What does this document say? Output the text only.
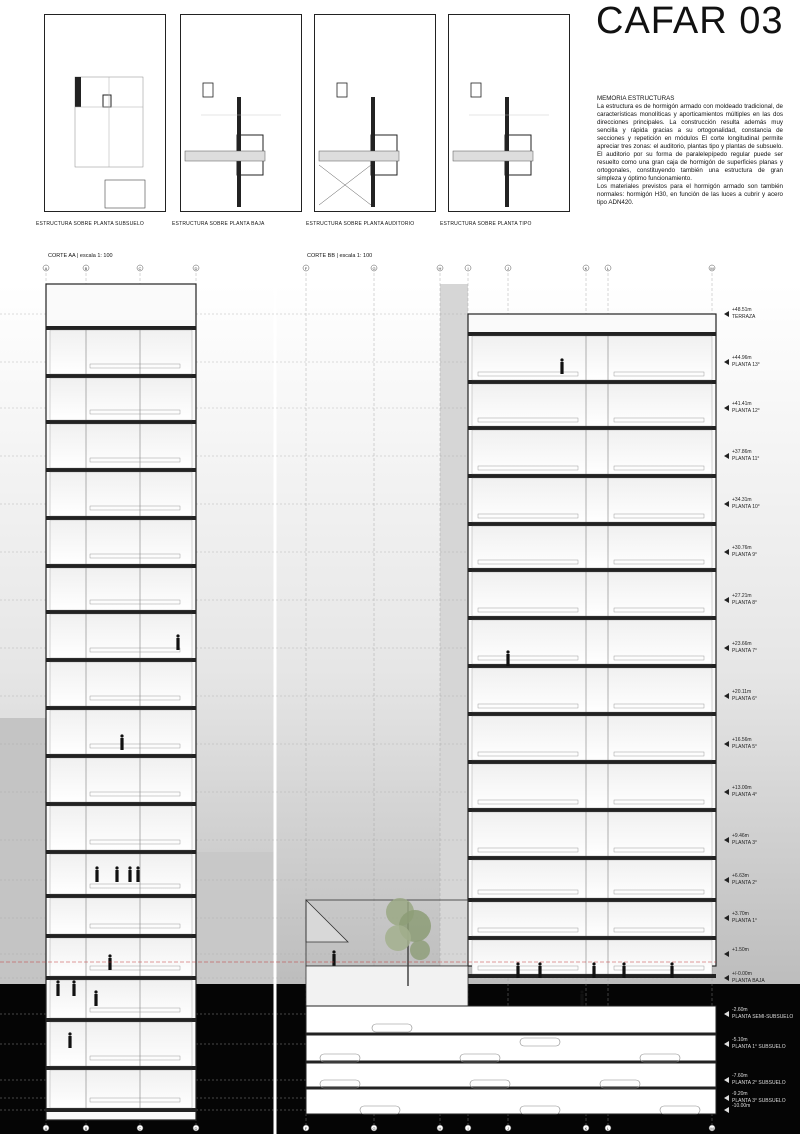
CAFAR 03
ESTRUCTURA SOBRE PLANTA SUBSUELO	ESTRUCTURA SOBRE PLANTA BAJA	ESTRUCTURA SOBRE PLANTA AUDITORIO	ESTRUCTURA SOBRE PLANTA TIPO
MEMORIA ESTRUCTURAS

La estructura es de hormigón armado con moldeado tradicional, de características monolíticas y aporticamientos múltiples en las dos direcciones principales. La construcción resulta además muy sencilla y rápida gracias a su ortogonalidad, constancia de secciones y repetición en módulos El corte longitudinal permite apreciar tres zonas: el auditorio, plantas tipo y plantas de subsuelo. El auditorio por su forma de paralelepípedo regular puede ser resuelto como una gran caja de hormigón de superficies planas y ortogonales, constituyendo también una estructura de gran simpleza y óptimo funcionamiento.

Los materiales previstos para el hormigón armado son también normales: hormigón H30, en función de las luces a cubrir y acero tipo ADN420.

CORTE AA | escala 1: 100	CORTE BB | escala 1: 100
A
A
B
B
C
C
D
D
F
F
G
G
H
H
I
I
J
J
K
K
L
L
M
M
+48.51m
TERRAZA
+44.96m
PLANTA 13°
+41.41m
PLANTA 12°
+37.86m
PLANTA 11°
+34.31m
PLANTA 10°
+30.76m
PLANTA 9°
+27.21m
PLANTA 8°
+23.66m
PLANTA 7°
+20.11m
PLANTA 6°
+16.56m
PLANTA 5°
+13.00m
PLANTA 4°
+9.46m
PLANTA 3°
+6.63m
PLANTA 2°
+3.70m
PLANTA 1°
+1.50m
+/-0.00m
PLANTA BAJA
-2.60m
PLANTA SEMI-SUBSUELO
-5.10m
PLANTA 1° SUBSUELO
-7.60m
PLANTA 2° SUBSUELO
-9.20m
PLANTA 3° SUBSUELO
-10.00m
